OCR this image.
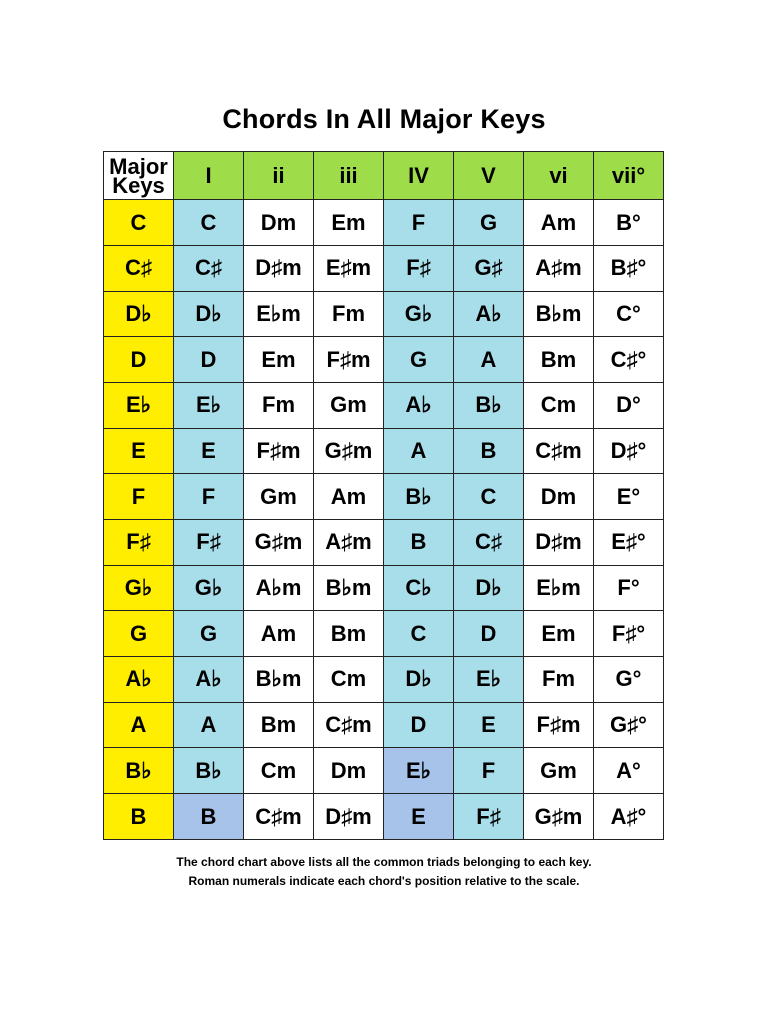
Chords In All Major Keys
Major
Keys	I	ii	iii	IV	V	vi	vii°
C	C	Dm	Em	F	G	Am	B°
C♯	C♯	D♯m	E♯m	F♯	G♯	A♯m	B♯°
D♭	D♭	E♭m	Fm	G♭	A♭	B♭m	C°
D	D	Em	F♯m	G	A	Bm	C♯°
E♭	E♭	Fm	Gm	A♭	B♭	Cm	D°
E	E	F♯m	G♯m	A	B	C♯m	D♯°
F	F	Gm	Am	B♭	C	Dm	E°
F♯	F♯	G♯m	A♯m	B	C♯	D♯m	E♯°
G♭	G♭	A♭m	B♭m	C♭	D♭	E♭m	F°
G	G	Am	Bm	C	D	Em	F♯°
A♭	A♭	B♭m	Cm	D♭	E♭	Fm	G°
A	A	Bm	C♯m	D	E	F♯m	G♯°
B♭	B♭	Cm	Dm	E♭	F	Gm	A°
B	B	C♯m	D♯m	E	F♯	G♯m	A♯°
The chord chart above lists all the common triads belonging to each key.
Roman numerals indicate each chord's position relative to the scale.
